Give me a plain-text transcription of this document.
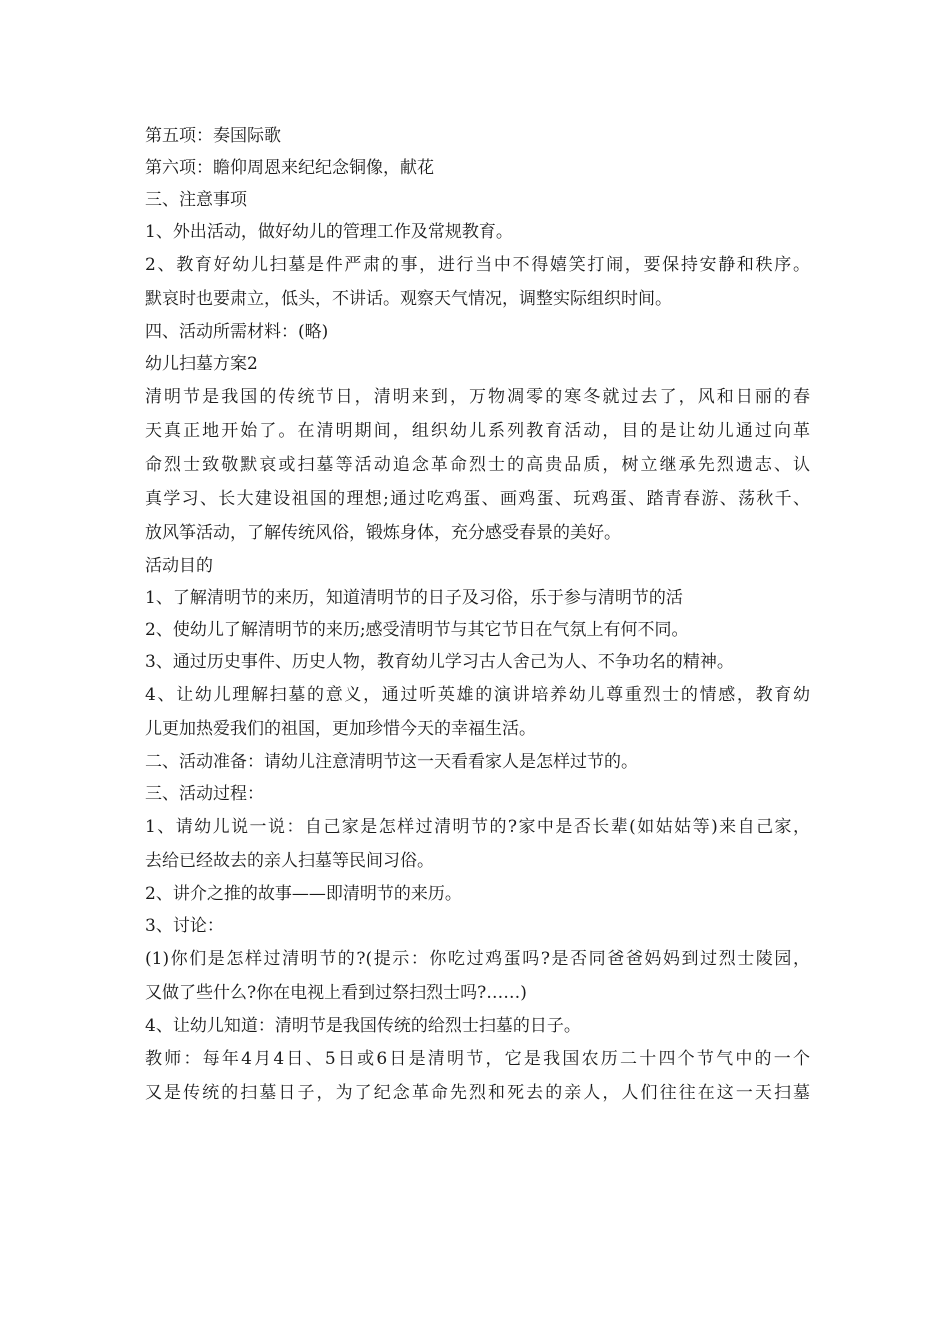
第五项：奏国际歌
第六项：瞻仰周恩来纪纪念铜像，献花
三、注意事项
1、外出活动，做好幼儿的管理工作及常规教育。
2、教育好幼儿扫墓是件严肃的事，进行当中不得嬉笑打闹，要保持安静和秩序。
默哀时也要肃立，低头，不讲话。观察天气情况，调整实际组织时间。
四、活动所需材料：(略)
幼儿扫墓方案2
清明节是我国的传统节日，清明来到，万物凋零的寒冬就过去了，风和日丽的春
天真正地开始了。在清明期间，组织幼儿系列教育活动，目的是让幼儿通过向革
命烈士致敬默哀或扫墓等活动追念革命烈士的高贵品质，树立继承先烈遗志、认
真学习、长大建设祖国的理想;通过吃鸡蛋、画鸡蛋、玩鸡蛋、踏青春游、荡秋千、
放风筝活动，了解传统风俗，锻炼身体，充分感受春景的美好。
活动目的
1、了解清明节的来历，知道清明节的日子及习俗，乐于参与清明节的活
2、使幼儿了解清明节的来历;感受清明节与其它节日在气氛上有何不同。
3、通过历史事件、历史人物，教育幼儿学习古人舍己为人、不争功名的精神。
4、让幼儿理解扫墓的意义，通过听英雄的演讲培养幼儿尊重烈士的情感，教育幼
儿更加热爱我们的祖国，更加珍惜今天的幸福生活。
二、活动准备：请幼儿注意清明节这一天看看家人是怎样过节的。
三、活动过程：
1、请幼儿说一说：自己家是怎样过清明节的?家中是否长辈(如姑姑等)来自己家，
去给已经故去的亲人扫墓等民间习俗。
2、讲介之推的故事——即清明节的来历。
3、讨论：
(1)你们是怎样过清明节的?(提示：你吃过鸡蛋吗?是否同爸爸妈妈到过烈士陵园，
又做了些什么?你在电视上看到过祭扫烈士吗?……)
4、让幼儿知道：清明节是我国传统的给烈士扫墓的日子。
教师：每年4月4日、5日或6日是清明节，它是我国农历二十四个节气中的一个
又是传统的扫墓日子，为了纪念革命先烈和死去的亲人，人们往往在这一天扫墓
